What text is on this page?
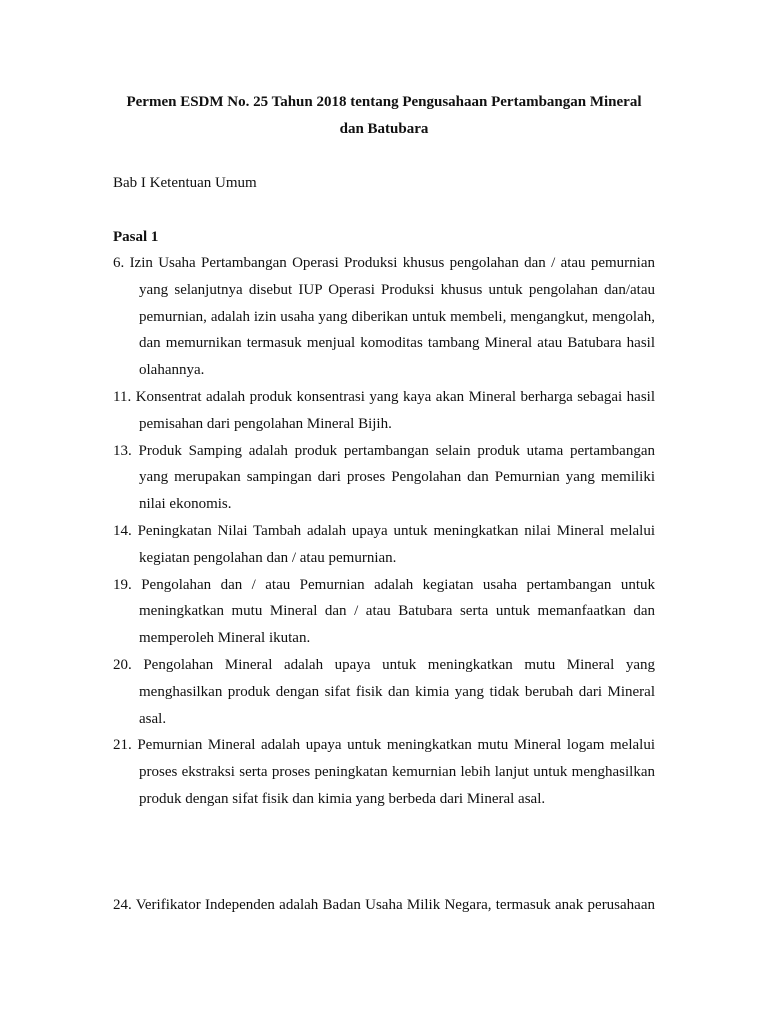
Permen ESDM No. 25 Tahun 2018 tentang Pengusahaan Pertambangan Mineral dan Batubara
Bab I Ketentuan Umum
Pasal 1
6. Izin Usaha Pertambangan Operasi Produksi khusus pengolahan dan / atau pemurnian yang selanjutnya disebut IUP Operasi Produksi khusus untuk pengolahan dan/atau pemurnian, adalah izin usaha yang diberikan untuk membeli, mengangkut, mengolah, dan memurnikan termasuk menjual komoditas tambang Mineral atau Batubara hasil olahannya.
11. Konsentrat adalah produk konsentrasi yang kaya akan Mineral berharga sebagai hasil pemisahan dari pengolahan Mineral Bijih.
13. Produk Samping adalah produk pertambangan selain produk utama pertambangan yang merupakan sampingan dari proses Pengolahan dan Pemurnian yang memiliki nilai ekonomis.
14. Peningkatan Nilai Tambah adalah upaya untuk meningkatkan nilai Mineral melalui kegiatan pengolahan dan / atau pemurnian.
19. Pengolahan dan / atau Pemurnian adalah kegiatan usaha pertambangan untuk meningkatkan mutu Mineral dan / atau Batubara serta untuk memanfaatkan dan memperoleh Mineral ikutan.
20. Pengolahan Mineral adalah upaya untuk meningkatkan mutu Mineral yang menghasilkan produk dengan sifat fisik dan kimia yang tidak berubah dari Mineral asal.
21. Pemurnian Mineral adalah upaya untuk meningkatkan mutu Mineral logam melalui proses ekstraksi serta proses peningkatan kemurnian lebih lanjut untuk menghasilkan produk dengan sifat fisik dan kimia yang berbeda dari Mineral asal.
24. Verifikator Independen adalah Badan Usaha Milik Negara, termasuk anak perusahaan
